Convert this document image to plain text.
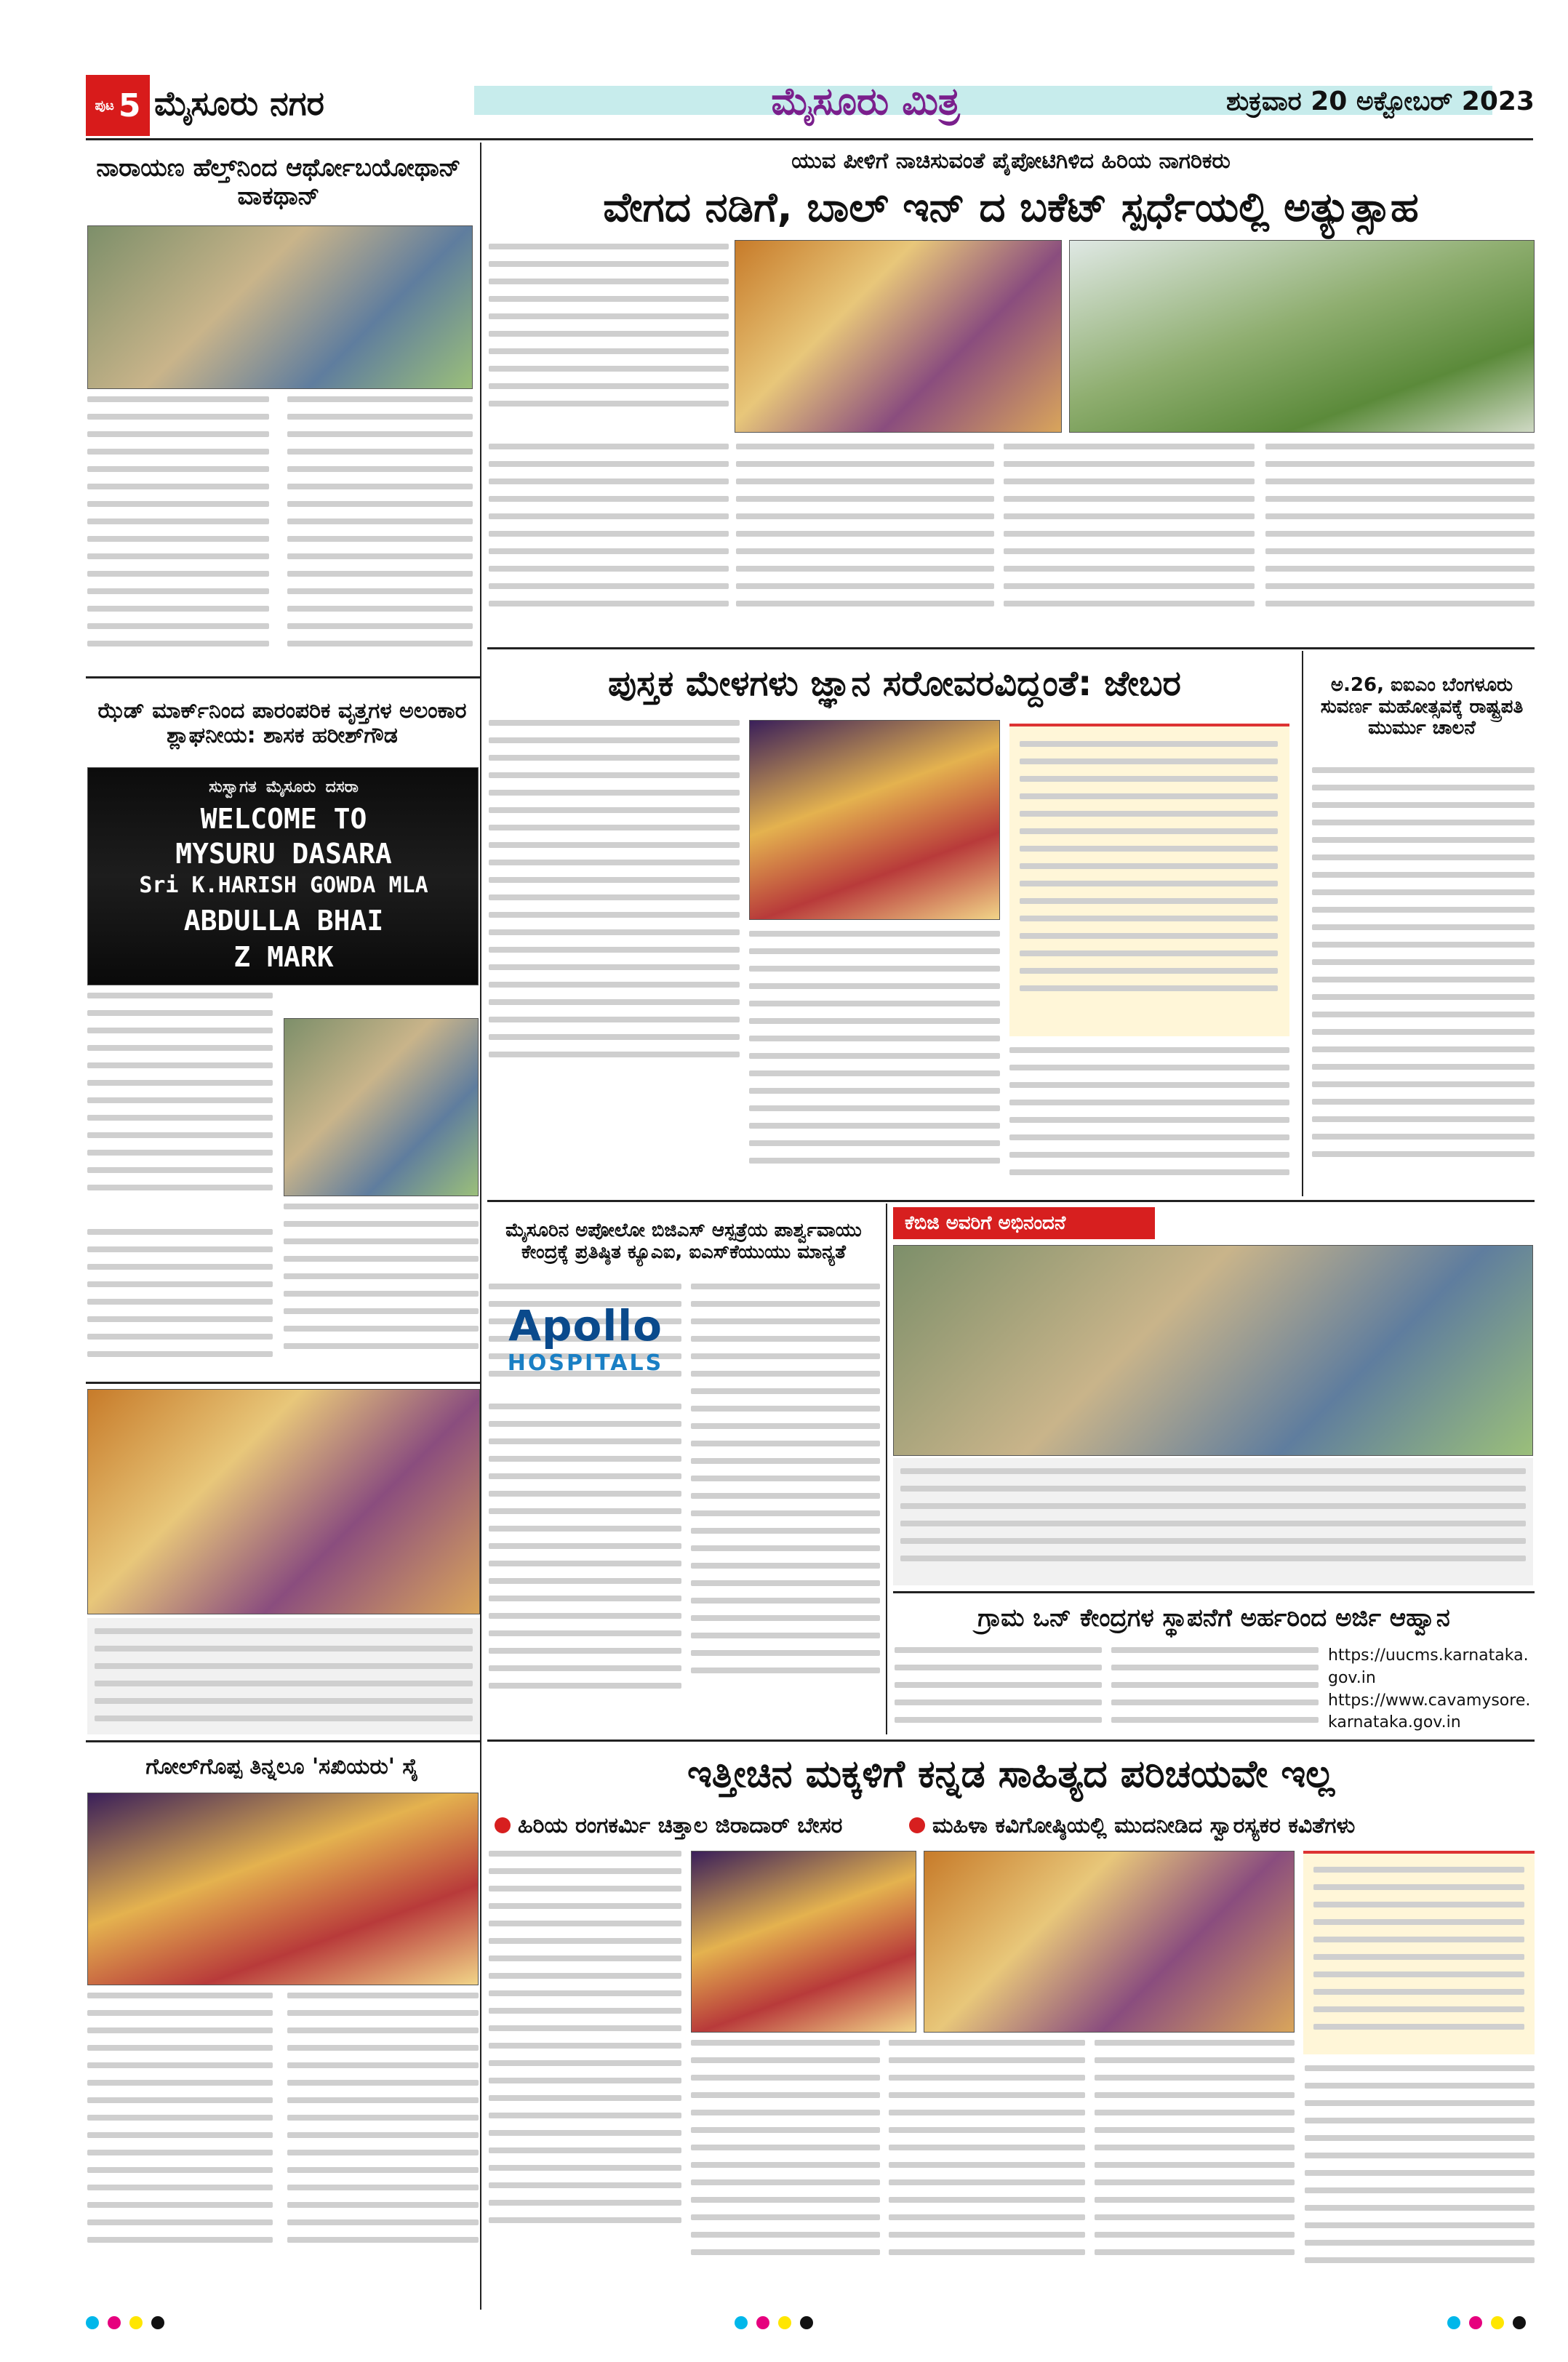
ಪುಟ 5 ಮೈಸೂರು ನಗರ	ಮೈಸೂರು ಮಿತ್ರ	ಶುಕ್ರವಾರ 20 ಅಕ್ಟೋಬರ್ 2023
ನಾರಾಯಣ ಹೆಲ್ತ್‌ನಿಂದ ಆರ್ಥೋಬಯೋಥಾನ್ ವಾಕಥಾನ್
ಯುವ ಪೀಳಿಗೆ ನಾಚಿಸುವಂತೆ ಪೈಪೋಟಿಗಿಳಿದ ಹಿರಿಯ ನಾಗರಿಕರು
ವೇಗದ ನಡಿಗೆ, ಬಾಲ್ ಇನ್ ದ ಬಕೆಟ್ ಸ್ಪರ್ಧೆಯಲ್ಲಿ ಅತ್ಯುತ್ಸಾಹ
ಝೆಡ್ ಮಾರ್ಕ್‌ನಿಂದ ಪಾರಂಪರಿಕ ವೃತ್ತಗಳ ಅಲಂಕಾರ ಶ್ಲಾಘನೀಯ: ಶಾಸಕ ಹರೀಶ್‌ಗೌಡ
ಸುಸ್ವಾಗತ ಮೈಸೂರು ದಸರಾ
WELCOME TO
MYSURU DASARA
Sri K.HARISH GOWDA MLA
ABDULLA BHAI
Z MARK
ಪುಸ್ತಕ ಮೇಳಗಳು ಜ್ಞಾನ ಸರೋವರವಿದ್ದಂತೆ: ಜೇಬರ	ಅ.26, ಐಐಎಂ ಬೆಂಗಳೂರು ಸುವರ್ಣ ಮಹೋತ್ಸವಕ್ಕೆ ರಾಷ್ಟ್ರಪತಿ ಮುರ್ಮು ಚಾಲನೆ
ಮೈಸೂರಿನ ಅಪೋಲೋ ಬಿಜಿಎಸ್ ಆಸ್ಪತ್ರೆಯ ಪಾರ್ಶ್ವವಾಯು ಕೇಂದ್ರಕ್ಕೆ ಪ್ರತಿಷ್ಠಿತ ಕ್ಯೂಎಐ, ಐಎಸ್‌ಕೆಯುಯು ಮಾನ್ಯತೆ
Apollo
HOSPITALS
ಕೆಬಿಜಿ ಅವರಿಗೆ ಅಭಿನಂದನೆ
ಗ್ರಾಮ ಒನ್ ಕೇಂದ್ರಗಳ ಸ್ಥಾಪನೆಗೆ ಅರ್ಹರಿಂದ ಅರ್ಜಿ ಆಹ್ವಾನ
https://uucms.karnataka.gov.in
https://www.cavamysore.karnataka.gov.in
ಗೋಲ್‌ಗೊಪ್ಪ ತಿನ್ನಲೂ 'ಸಖಿಯರು' ಸೈ	ಇತ್ತೀಚಿನ ಮಕ್ಕಳಿಗೆ ಕನ್ನಡ ಸಾಹಿತ್ಯದ ಪರಿಚಯವೇ ಇಲ್ಲ
ಹಿರಿಯ ರಂಗಕರ್ಮಿ ಚಿತ್ತಾಲ ಜಿರಾದಾರ್ ಬೇಸರ	ಮಹಿಳಾ ಕವಿಗೋಷ್ಠಿಯಲ್ಲಿ ಮುದನೀಡಿದ ಸ್ವಾರಸ್ಯಕರ ಕವಿತೆಗಳು
